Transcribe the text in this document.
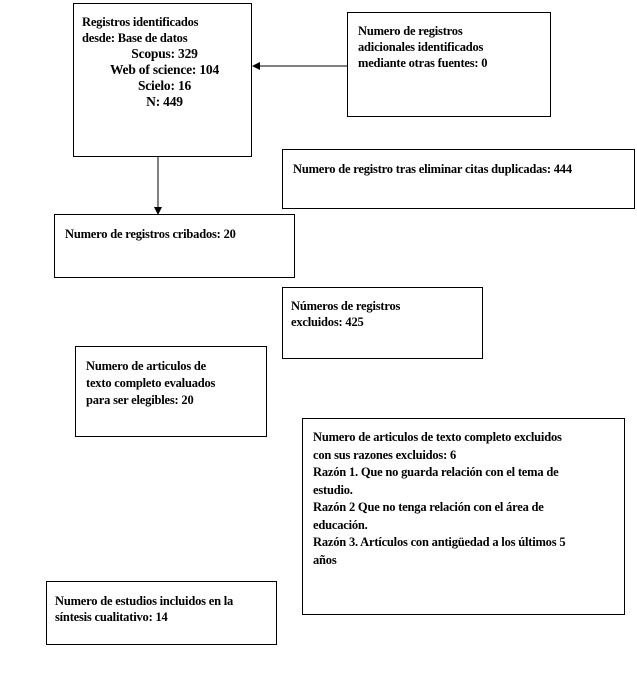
Registros identificados
desde: Base de datos
Scopus: 329
Web of science: 104
Scielo: 16
N: 449
Numero de registros
adicionales identificados
mediante otras fuentes: 0
Numero de registro tras eliminar citas duplicadas: 444
Numero de registros cribados: 20
Números de registros
excluidos: 425
Numero de articulos de
texto completo evaluados
para ser elegibles: 20
Numero de articulos de texto completo excluidos
con sus razones excluidos: 6
Razón 1. Que no guarda relación con el tema de
estudio.
Razón 2 Que no tenga relación con el área de
educación.
Razón 3. Artículos con antigüedad a los últimos 5
años
Numero de estudios incluidos en la
síntesis cualitativo: 14
